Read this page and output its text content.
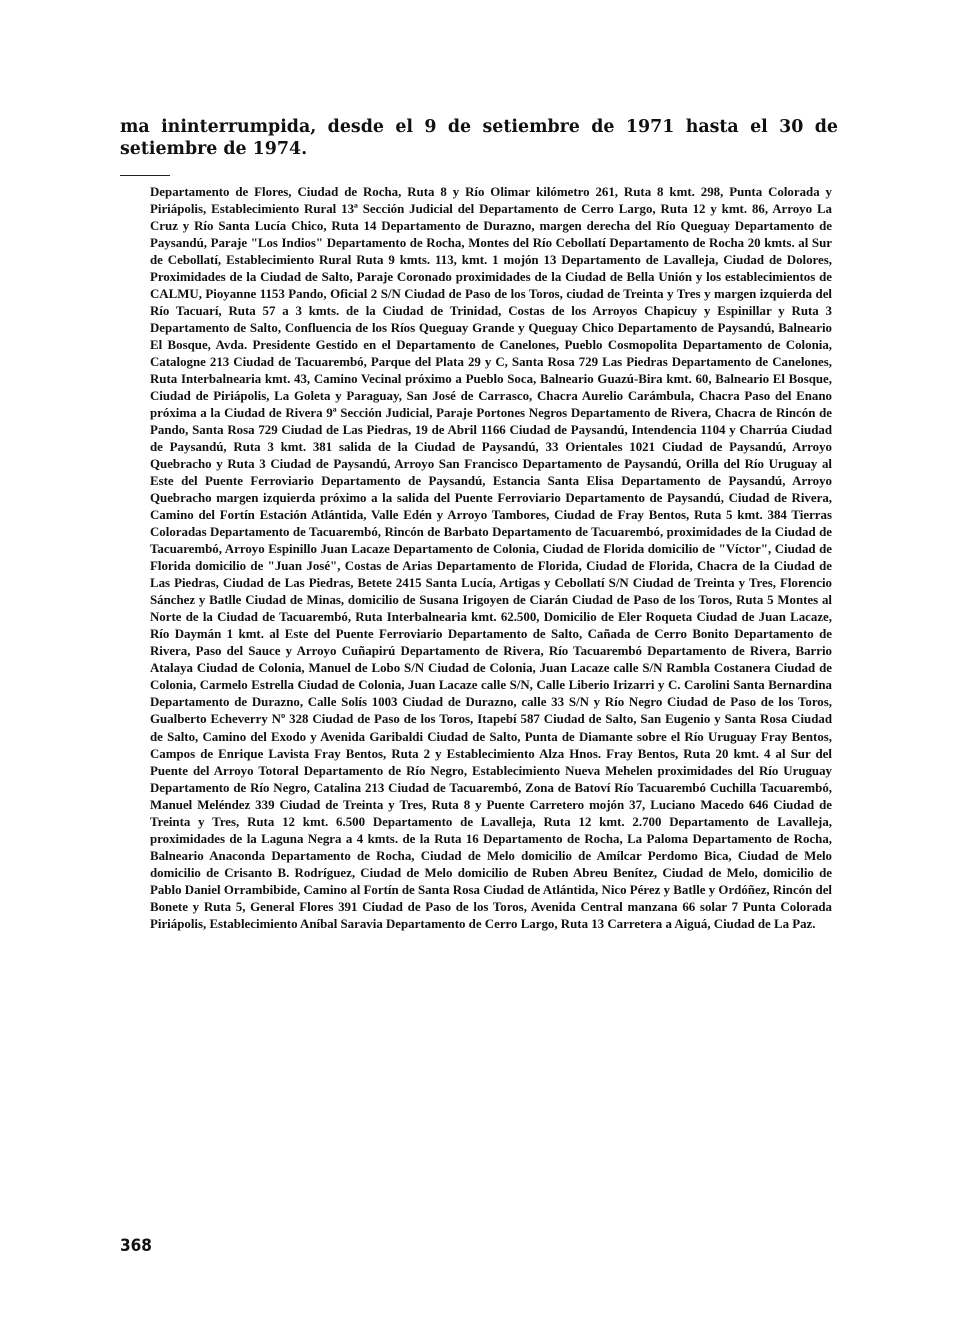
ma ininterrumpida, desde el 9 de setiembre de 1971 hasta el 30 de setiembre de 1974.

Departamento de Flores, Ciudad de Rocha, Ruta 8 y Río Olimar kilómetro 261, Ruta 8 kmt. 298, Punta Colorada y Piriápolis, Establecimiento Rural 13ª Sección Judicial del Departamento de Cerro Largo, Ruta 12 y kmt. 86, Arroyo La Cruz y Río Santa Lucía Chico, Ruta 14 Departamento de Durazno, margen derecha del Río Queguay Departamento de Paysandú, Paraje "Los Indios" Departamento de Rocha, Montes del Río Cebollatí Departamento de Rocha 20 kmts. al Sur de Cebollatí, Establecimiento Rural Ruta 9 kmts. 113, kmt. 1 mojón 13 Departamento de Lavalleja, Ciudad de Dolores, Proximidades de la Ciudad de Salto, Paraje Coronado proximidades de la Ciudad de Bella Unión y los establecimientos de CALMU, Pioyanne 1153 Pando, Oficial 2 S/N Ciudad de Paso de los Toros, ciudad de Treinta y Tres y margen izquierda del Río Tacuarí, Ruta 57 a 3 kmts. de la Ciudad de Trinidad, Costas de los Arroyos Chapicuy y Espinillar y Ruta 3 Departamento de Salto, Confluencia de los Ríos Queguay Grande y Queguay Chico Departamento de Paysandú, Balneario El Bosque, Avda. Presidente Gestido en el Departamento de Canelones, Pueblo Cosmopolita Departamento de Colonia, Catalogne 213 Ciudad de Tacuarembó, Parque del Plata 29 y C, Santa Rosa 729 Las Piedras Departamento de Canelones, Ruta Interbalnearia kmt. 43, Camino Vecinal próximo a Pueblo Soca, Balneario Guazú-Bira kmt. 60, Balneario El Bosque, Ciudad de Piriápolis, La Goleta y Paraguay, San José de Carrasco, Chacra Aurelio Carámbula, Chacra Paso del Enano próxima a la Ciudad de Rivera 9ª Sección Judicial, Paraje Portones Negros Departamento de Rivera, Chacra de Rincón de Pando, Santa Rosa 729 Ciudad de Las Piedras, 19 de Abril 1166 Ciudad de Paysandú, Intendencia 1104 y Charrúa Ciudad de Paysandú, Ruta 3 kmt. 381 salida de la Ciudad de Paysandú, 33 Orientales 1021 Ciudad de Paysandú, Arroyo Quebracho y Ruta 3 Ciudad de Paysandú, Arroyo San Francisco Departamento de Paysandú, Orilla del Río Uruguay al Este del Puente Ferroviario Departamento de Paysandú, Estancia Santa Elisa Departamento de Paysandú, Arroyo Quebracho margen izquierda próximo a la salida del Puente Ferroviario Departamento de Paysandú, Ciudad de Rivera, Camino del Fortín Estación Atlántida, Valle Edén y Arroyo Tambores, Ciudad de Fray Bentos, Ruta 5 kmt. 384 Tierras Coloradas Departamento de Tacuarembó, Rincón de Barbato Departamento de Tacuarembó, proximidades de la Ciudad de Tacuarembó, Arroyo Espinillo Juan Lacaze Departamento de Colonia, Ciudad de Florida domicilio de "Víctor", Ciudad de Florida domicilio de "Juan José", Costas de Arias Departamento de Florida, Ciudad de Florida, Chacra de la Ciudad de Las Piedras, Ciudad de Las Piedras, Betete 2415 Santa Lucía, Artigas y Cebollatí S/N Ciudad de Treinta y Tres, Florencio Sánchez y Batlle Ciudad de Minas, domicilio de Susana Irigoyen de Ciarán Ciudad de Paso de los Toros, Ruta 5 Montes al Norte de la Ciudad de Tacuarembó, Ruta Interbalnearia kmt. 62.500, Domicilio de Eler Roqueta Ciudad de Juan Lacaze, Río Daymán 1 kmt. al Este del Puente Ferroviario Departamento de Salto, Cañada de Cerro Bonito Departamento de Rivera, Paso del Sauce y Arroyo Cuñapirú Departamento de Rivera, Río Tacuarembó Departamento de Rivera, Barrio Atalaya Ciudad de Colonia, Manuel de Lobo S/N Ciudad de Colonia, Juan Lacaze calle S/N Rambla Costanera Ciudad de Colonia, Carmelo Estrella Ciudad de Colonia, Juan Lacaze calle S/N, Calle Liberio Irizarri y C. Carolini Santa Bernardina Departamento de Durazno, Calle Solís 1003 Ciudad de Durazno, calle 33 S/N y Río Negro Ciudad de Paso de los Toros, Gualberto Echeverry Nº 328 Ciudad de Paso de los Toros, Itapebí 587 Ciudad de Salto, San Eugenio y Santa Rosa Ciudad de Salto, Camino del Exodo y Avenida Garibaldi Ciudad de Salto, Punta de Diamante sobre el Río Uruguay Fray Bentos, Campos de Enrique Lavista Fray Bentos, Ruta 2 y Establecimiento Alza Hnos. Fray Bentos, Ruta 20 kmt. 4 al Sur del Puente del Arroyo Totoral Departamento de Río Negro, Establecimiento Nueva Mehelen proximidades del Río Uruguay Departamento de Río Negro, Catalina 213 Ciudad de Tacuarembó, Zona de Batoví Río Tacuarembó Cuchilla Tacuarembó, Manuel Meléndez 339 Ciudad de Treinta y Tres, Ruta 8 y Puente Carretero mojón 37, Luciano Macedo 646 Ciudad de Treinta y Tres, Ruta 12 kmt. 6.500 Departamento de Lavalleja, Ruta 12 kmt. 2.700 Departamento de Lavalleja, proximidades de la Laguna Negra a 4 kmts. de la Ruta 16 Departamento de Rocha, La Paloma Departamento de Rocha, Balneario Anaconda Departamento de Rocha, Ciudad de Melo domicilio de Amílcar Perdomo Bica, Ciudad de Melo domicilio de Crisanto B. Rodríguez, Ciudad de Melo domicilio de Ruben Abreu Benítez, Ciudad de Melo, domicilio de Pablo Daniel Orrambibide, Camino al Fortín de Santa Rosa Ciudad de Atlántida, Nico Pérez y Batlle y Ordóñez, Rincón del Bonete y Ruta 5, General Flores 391 Ciudad de Paso de los Toros, Avenida Central manzana 66 solar 7 Punta Colorada Piriápolis, Establecimiento Aníbal Saravia Departamento de Cerro Largo, Ruta 13 Carretera a Aiguá, Ciudad de La Paz.

368
